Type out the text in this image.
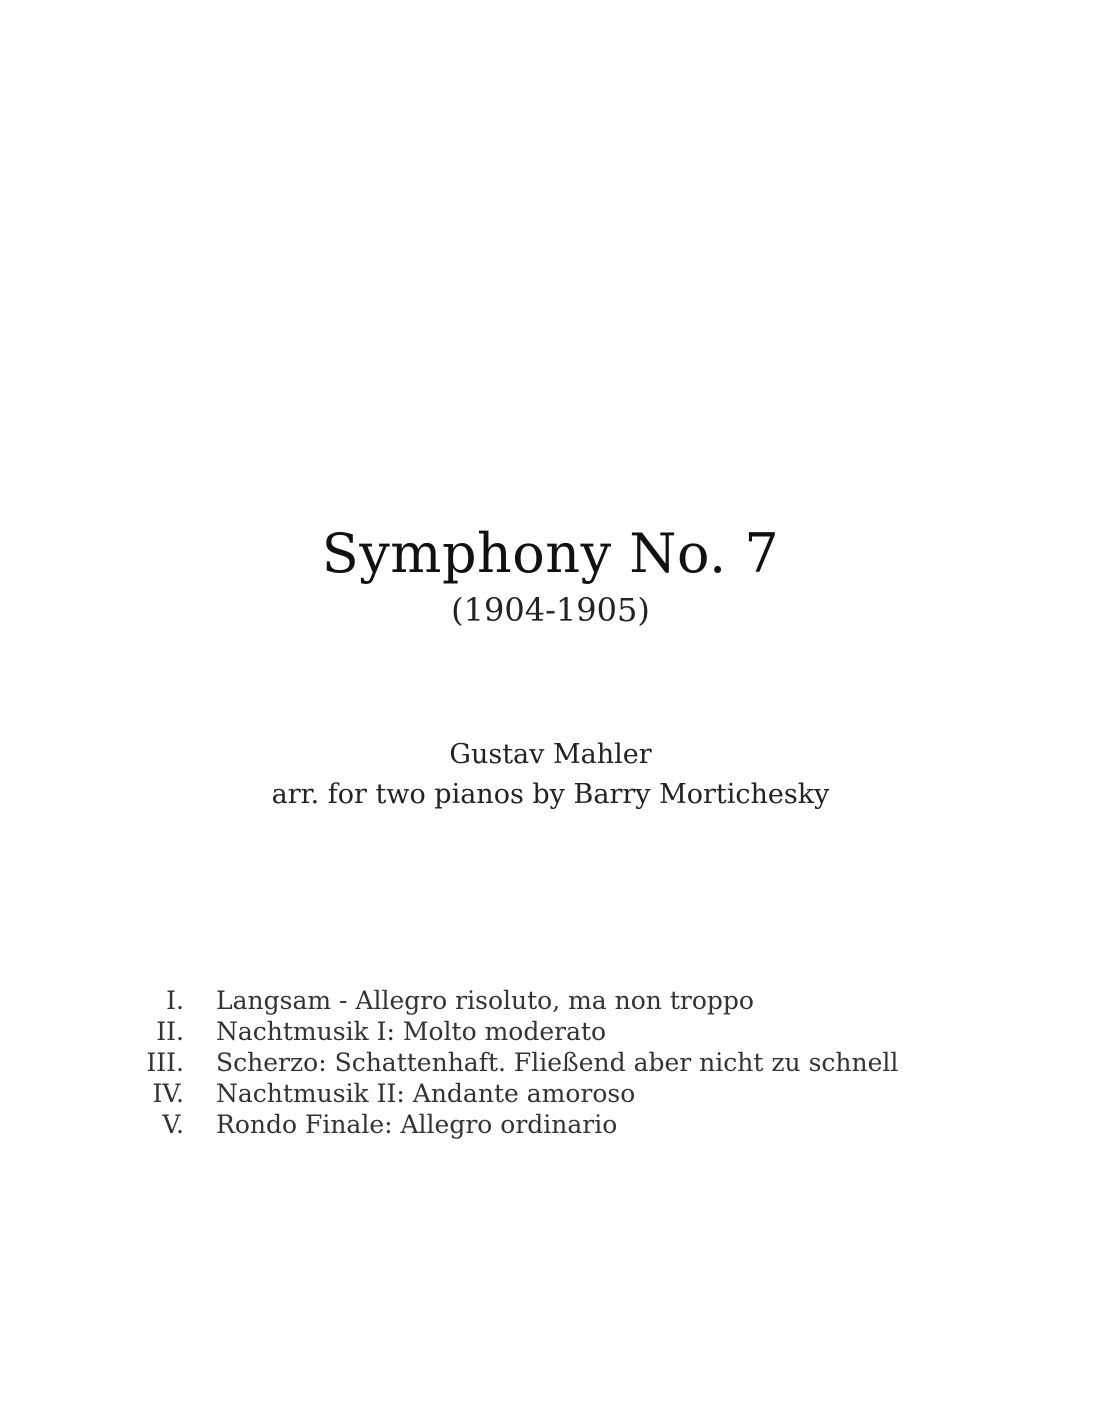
Symphony No. 7
(1904-1905)
Gustav Mahler
arr. for two pianos by Barry Mortichesky
I. Langsam - Allegro risoluto, ma non troppo
II. Nachtmusik I: Molto moderato
III. Scherzo: Schattenhaft. Fließend aber nicht zu schnell
IV. Nachtmusik II: Andante amoroso
V. Rondo Finale: Allegro ordinario
